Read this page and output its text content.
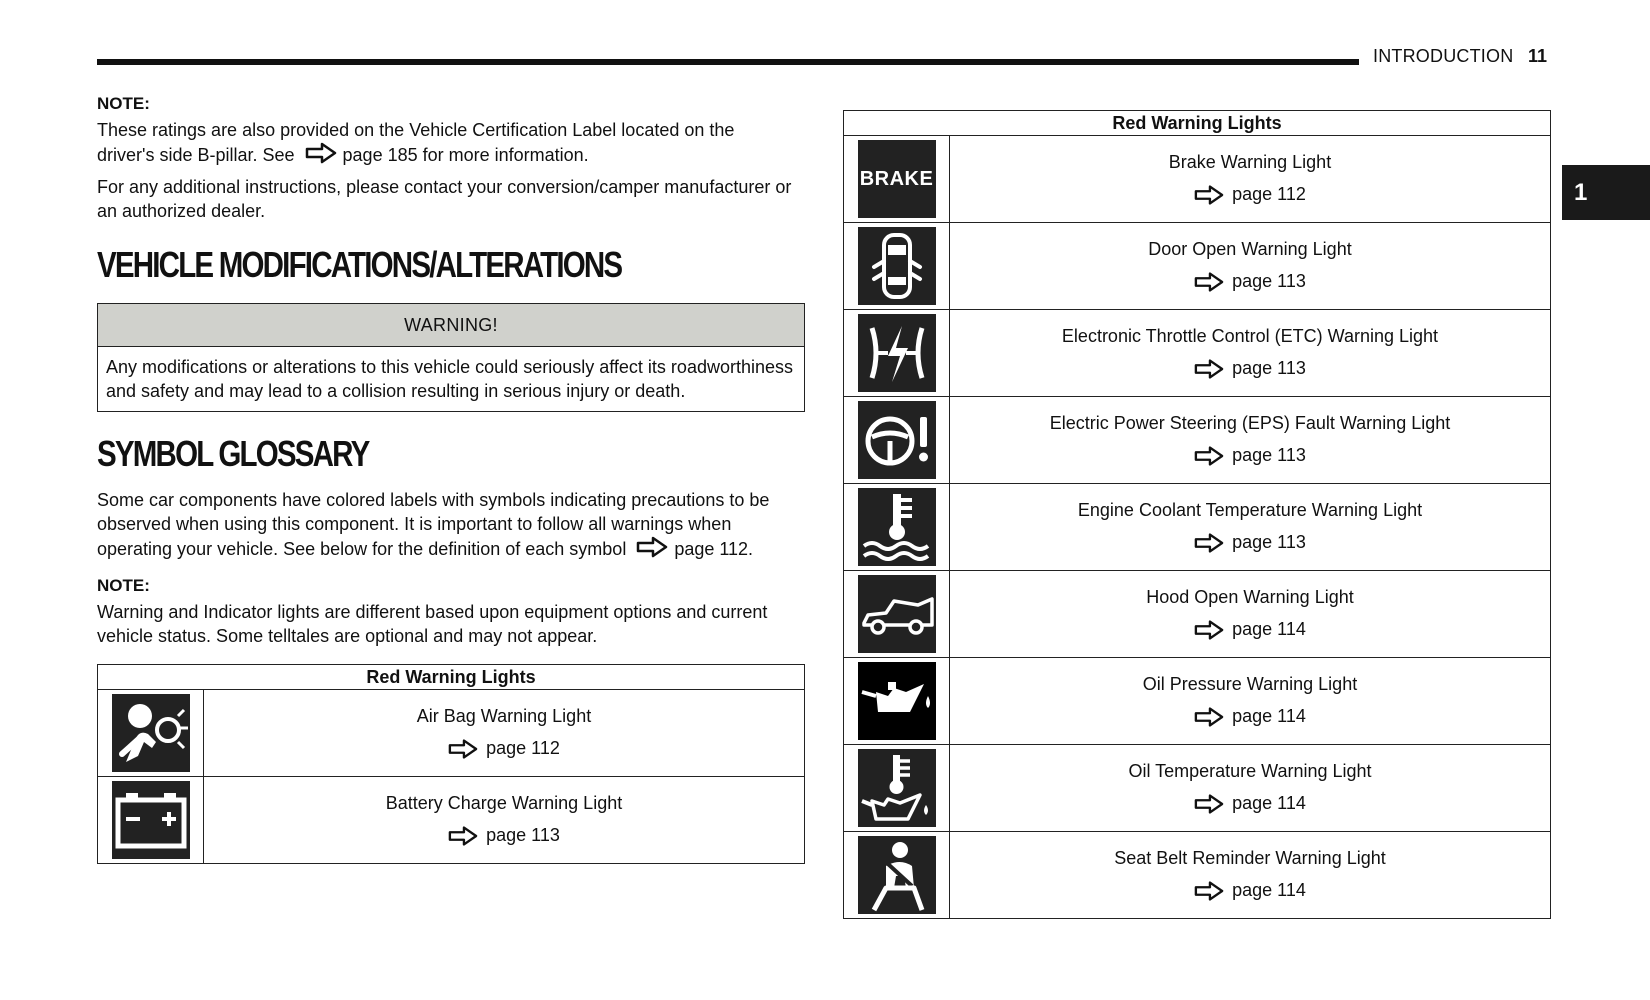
INTRODUCTION 11
1

NOTE:

These ratings are also provided on the Vehicle Certification Label located on the
driver's side B-pillar. See	page 185 for more information.

For any additional instructions, please contact your conversion/camper manufacturer or an authorized dealer.

VEHICLE MODIFICATIONS/ALTERATIONS
WARNING!
Any modifications or alterations to this vehicle could seriously affect its roadworthiness and safety and may lead to a collision resulting in serious injury or death.
SYMBOL GLOSSARY

Some car components have colored labels with symbols indicating precautions to be observed when using this component. It is important to follow all warnings when operating your vehicle. See below for the definition of each symbol	page 112.

NOTE:

Warning and Indicator lights are different based upon equipment options and current vehicle status. Some telltales are optional and may not appear.

Red Warning Lights	

Air Bag Warning Light
page 112

Battery Charge Warning Light
page 113
Red Warning Lights	

BRAKE	Brake Warning Light
page 112

Door Open Warning Light
page 113

Electronic Throttle Control (ETC) Warning Light
page 113

Electric Power Steering (EPS) Fault Warning Light
page 113

Engine Coolant Temperature Warning Light
page 113

Hood Open Warning Light
page 114

Oil Pressure Warning Light
page 114

Oil Temperature Warning Light
page 114

Seat Belt Reminder Warning Light
page 114
